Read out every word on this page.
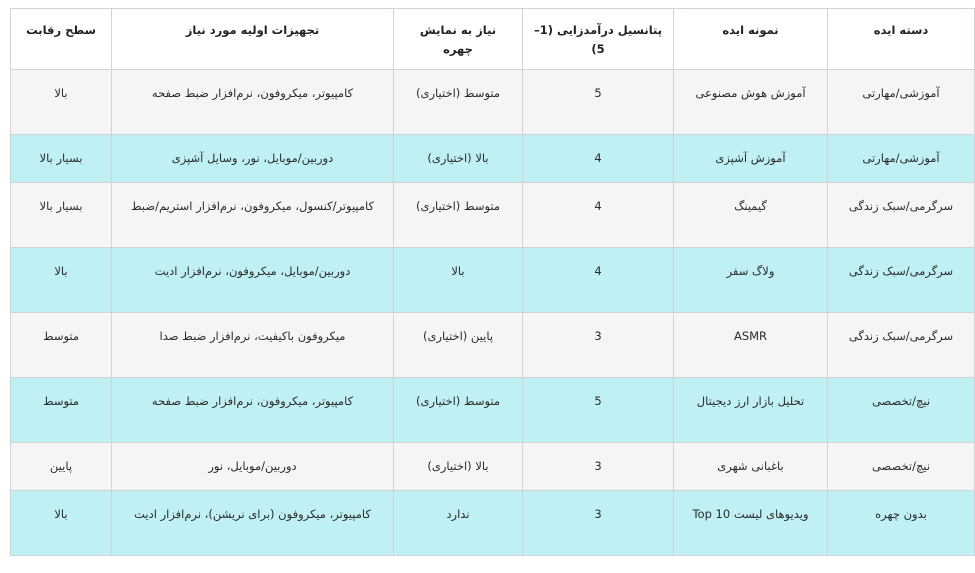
دسته ایده	نمونه ایده	پتانسیل درآمدزایی (1–5)	نیاز به نمایش چهره	تجهیزات اولیه مورد نیاز	سطح رقابت
آموزشی/مهارتی	آموزش هوش مصنوعی	5	متوسط (اختیاری)	کامپیوتر، میکروفون، نرم‌افزار ضبط صفحه	بالا
آموزشی/مهارتی	آموزش آشپزی	4	بالا (اختیاری)	دوربین/موبایل، نور، وسایل آشپزی	بسیار بالا
سرگرمی/سبک زندگی	گیمینگ	4	متوسط (اختیاری)	کامپیوتر/کنسول، میکروفون، نرم‌افزار استریم/ضبط	بسیار بالا
سرگرمی/سبک زندگی	ولاگ سفر	4	بالا	دوربین/موبایل، میکروفون، نرم‌افزار ادیت	بالا
سرگرمی/سبک زندگی	ASMR	3	پایین (اختیاری)	میکروفون باکیفیت، نرم‌افزار ضبط صدا	متوسط
نیچ/تخصصی	تحلیل بازار ارز دیجیتال	5	متوسط (اختیاری)	کامپیوتر، میکروفون، نرم‌افزار ضبط صفحه	متوسط
نیچ/تخصصی	باغبانی شهری	3	بالا (اختیاری)	دوربین/موبایل، نور	پایین
بدون چهره	ویدیوهای لیست Top 10	3	ندارد	کامپیوتر، میکروفون (برای نریشن)، نرم‌افزار ادیت	بالا
